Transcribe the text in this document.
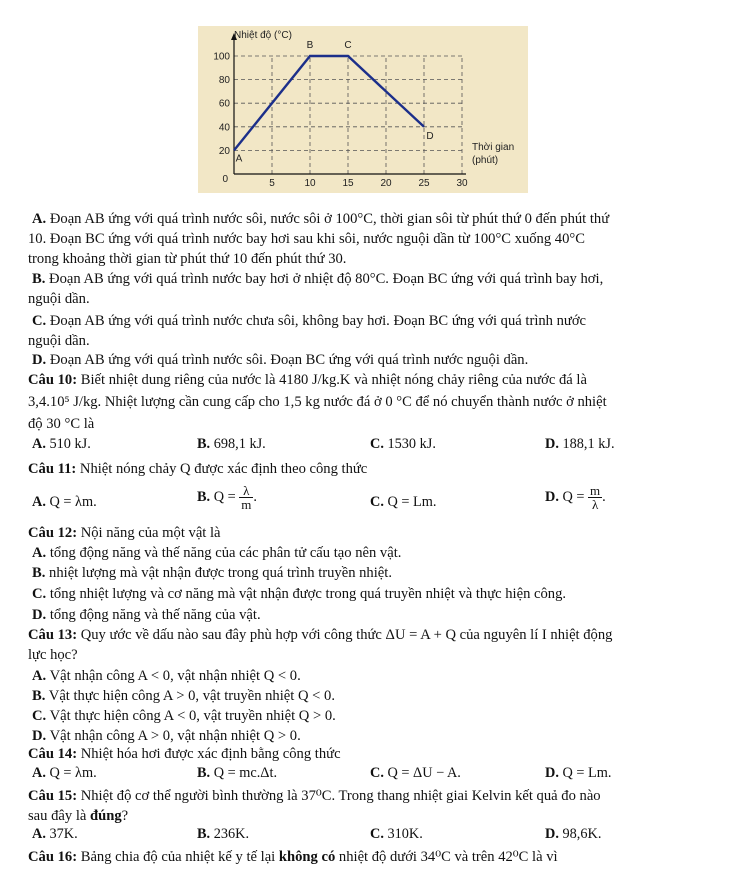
0
20
40
60
80
100
5	10	15	20	25	30
A
B	C
D
Nhiệt độ (°C)
Thời gian
(phút)
A. Đoạn AB ứng với quá trình nước sôi, nước sôi ở 100°C, thời gian sôi từ phút thứ 0 đến phút thứ
10. Đoạn BC ứng với quá trình nước bay hơi sau khi sôi, nước nguội dần từ 100°C xuống 40°C
trong khoảng thời gian từ phút thứ 10 đến phút thứ 30.
B. Đoạn AB ứng với quá trình nước bay hơi ở nhiệt độ 80°C. Đoạn BC ứng với quá trình bay hơi,
nguội dần.
C. Đoạn AB ứng với quá trình nước chưa sôi, không bay hơi. Đoạn BC ứng với quá trình nước
nguội dần.
D. Đoạn AB ứng với quá trình nước sôi. Đoạn BC ứng với quá trình nước nguội dần.
Câu 10: Biết nhiệt dung riêng của nước là 4180 J/kg.K và nhiệt nóng chảy riêng của nước đá là
3,4.10⁵ J/kg. Nhiệt lượng cần cung cấp cho 1,5 kg nước đá ở 0 °C để nó chuyển thành nước ở nhiệt
độ 30 °C là
A. 510 kJ.	B. 698,1 kJ.	C. 1530 kJ.	D. 188,1 kJ.
Câu 11: Nhiệt nóng chảy Q được xác định theo công thức
A. Q = λm.	B. $Q = \frac{\lambda}{m}$ .	C. Q = Lm.	D. $Q = \frac{m}{\lambda}$ .
Câu 12: Nội năng của một vật là
A. tổng động năng và thế năng của các phân tử cấu tạo nên vật.
B. nhiệt lượng mà vật nhận được trong quá trình truyền nhiệt.
C. tổng nhiệt lượng và cơ năng mà vật nhận được trong quá truyền nhiệt và thực hiện công.
D. tổng động năng và thế năng của vật.
Câu 13: Quy ước về dấu nào sau đây phù hợp với công thức ΔU = A + Q của nguyên lí I nhiệt động
lực học?
A. Vật nhận công A < 0, vật nhận nhiệt Q < 0.
B. Vật thực hiện công A > 0, vật truyền nhiệt Q < 0.
C. Vật thực hiện công A < 0, vật truyền nhiệt Q > 0.
D. Vật nhận công A > 0, vật nhận nhiệt Q > 0.
Câu 14: Nhiệt hóa hơi được xác định bằng công thức
A. Q = λm.	B. Q = mc.Δt.	C. Q = ΔU − A.	D. Q = Lm.
Câu 15: Nhiệt độ cơ thể người bình thường là 37⁰C. Trong thang nhiệt giai Kelvin kết quả đo nào
sau đây là đúng?
A. 37K.	B. 236K.	C. 310K.	D. 98,6K.
Câu 16: Bảng chia độ của nhiệt kế y tế lại không có nhiệt độ dưới 34⁰C và trên 42⁰C là vì
